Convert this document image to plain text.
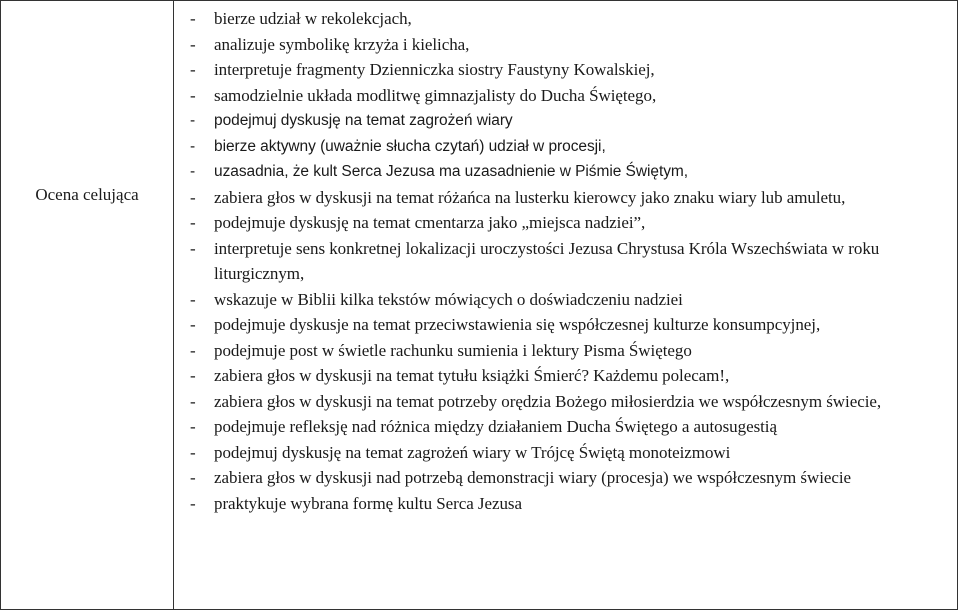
Ocena celująca

-	bierze udział w rekolekcjach,
-	analizuje symbolikę krzyża i kielicha,
-	interpretuje fragmenty Dzienniczka siostry Faustyny Kowalskiej,
-	samodzielnie układa modlitwę gimnazjalisty do Ducha Świętego,
-	podejmuj dyskusję na temat zagrożeń wiary
-	bierze aktywny (uważnie słucha czytań) udział w procesji,
-	uzasadnia, że kult Serca Jezusa ma uzasadnienie w Piśmie Świętym,
-	zabiera głos w dyskusji na temat różańca na lusterku kierowcy jako znaku wiary lub amuletu,
-	podejmuje dyskusję na temat cmentarza jako „miejsca nadziei”,
-	interpretuje sens konkretnej lokalizacji uroczystości Jezusa Chrystusa Króla Wszechświata w roku liturgicznym,
-	wskazuje w Biblii kilka tekstów mówiących o doświadczeniu nadziei
-	podejmuje dyskusje na temat przeciwstawienia się współczesnej kulturze konsumpcyjnej,
-	podejmuje post w świetle rachunku sumienia i lektury Pisma Świętego
-	zabiera głos w dyskusji na temat tytułu książki Śmierć? Każdemu polecam!,
-	zabiera głos w dyskusji na temat potrzeby orędzia Bożego miłosierdzia we współczesnym świecie,
-	podejmuje refleksję nad różnica między działaniem Ducha Świętego a autosugestią
-	podejmuj dyskusję na temat zagrożeń wiary w Trójcę Świętą monoteizmowi
-	zabiera głos w dyskusji nad potrzebą demonstracji wiary (procesja) we współczesnym świecie
-	praktykuje wybrana formę kultu Serca Jezusa
